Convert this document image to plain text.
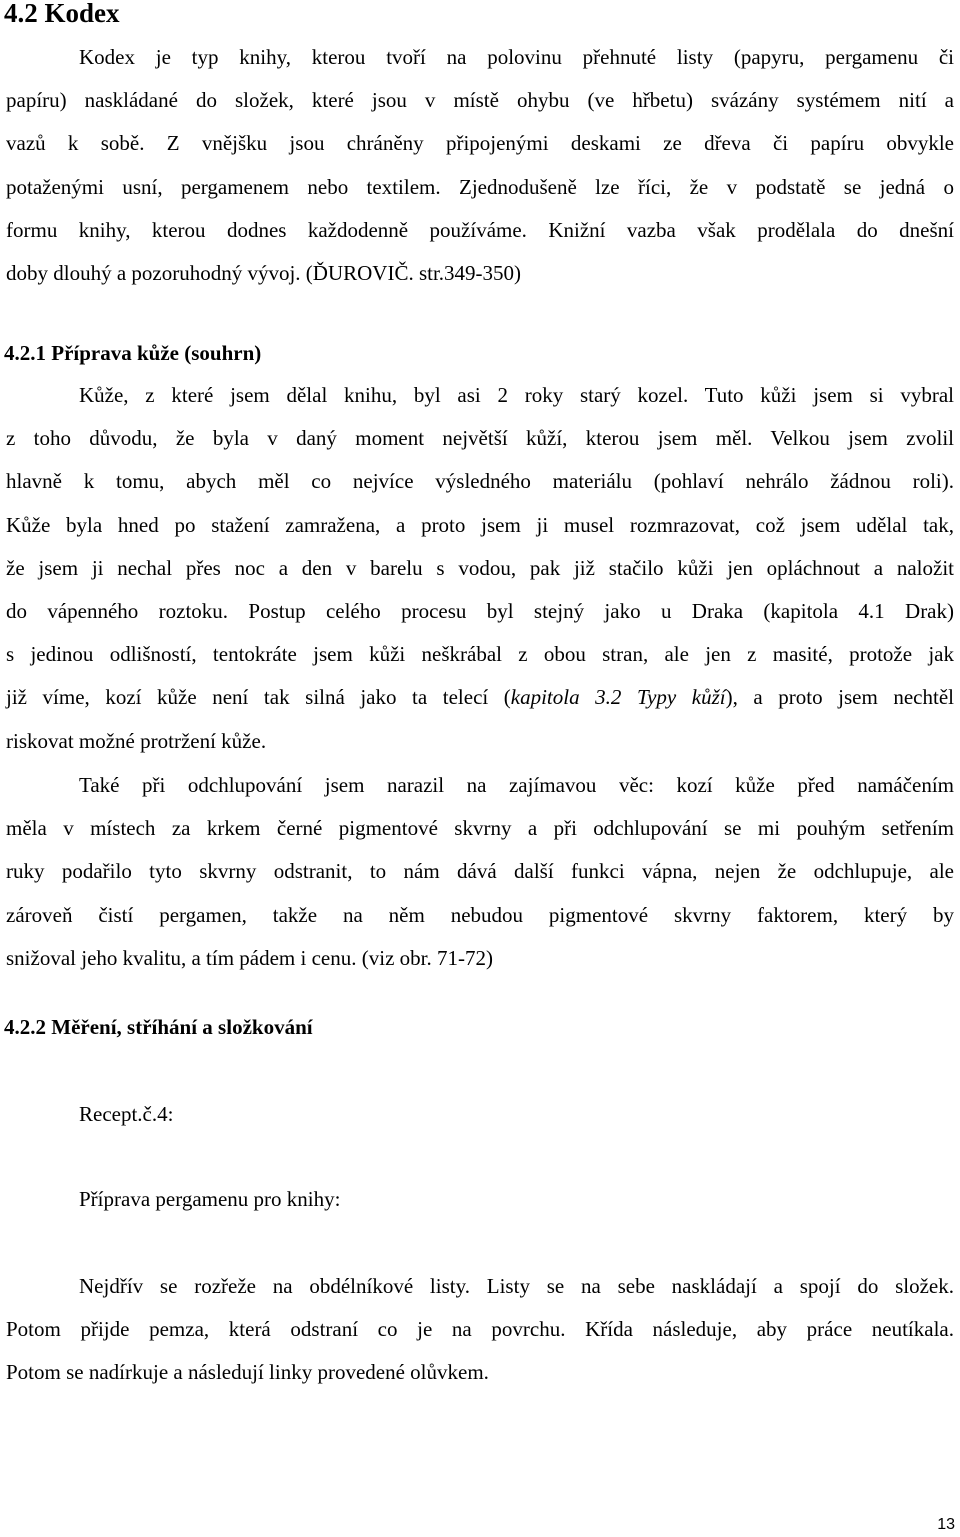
4.2 Kodex
Kodex je typ knihy, kterou tvoří na polovinu přehnuté listy (papyru, pergamenu či
papíru) naskládané do složek, které jsou v místě ohybu (ve hřbetu) svázány systémem nití a
vazů k sobě. Z vnějšku jsou chráněny připojenými deskami ze dřeva či papíru obvykle
potaženými usní, pergamenem nebo textilem. Zjednodušeně lze říci, že v podstatě se jedná o
formu knihy, kterou dodnes každodenně používáme. Knižní vazba však prodělala do dnešní
doby dlouhý a pozoruhodný vývoj. (ĎUROVIČ. str.349-350)
4.2.1 Příprava kůže (souhrn)
Kůže, z které jsem dělal knihu, byl asi 2 roky starý kozel. Tuto kůži jsem si vybral
z toho důvodu, že byla v daný moment největší kůží, kterou jsem měl. Velkou jsem zvolil
hlavně k tomu, abych měl co nejvíce výsledného materiálu (pohlaví nehrálo žádnou roli).
Kůže byla hned po stažení zamražena, a proto jsem ji musel rozmrazovat, což jsem udělal tak,
že jsem ji nechal přes noc a den v barelu s vodou, pak již stačilo kůži jen opláchnout a naložit
do vápenného roztoku. Postup celého procesu byl stejný jako u Draka (kapitola 4.1 Drak)
s jedinou odlišností, tentokráte jsem kůži neškrábal z obou stran, ale jen z masité, protože jak
již víme, kozí kůže není tak silná jako ta telecí (kapitola 3.2 Typy kůží), a proto jsem nechtěl
riskovat možné protržení kůže.
Také při odchlupování jsem narazil na zajímavou věc: kozí kůže před namáčením
měla v místech za krkem černé pigmentové skvrny a při odchlupování se mi pouhým setřením
ruky podařilo tyto skvrny odstranit, to nám dává další funkci vápna, nejen že odchlupuje, ale
zároveň čistí pergamen, takže na něm nebudou pigmentové skvrny faktorem, který by
snižoval jeho kvalitu, a tím pádem i cenu. (viz obr. 71-72)
4.2.2 Měření, stříhání a složkování
Recept.č.4:
Příprava pergamenu pro knihy:
Nejdřív se rozřeže na obdélníkové listy. Listy se na sebe naskládají a spojí do složek.
Potom přijde pemza, která odstraní co je na povrchu. Křída následuje, aby práce neutíkala.
Potom se nadírkuje a následují linky provedené olůvkem.
13
